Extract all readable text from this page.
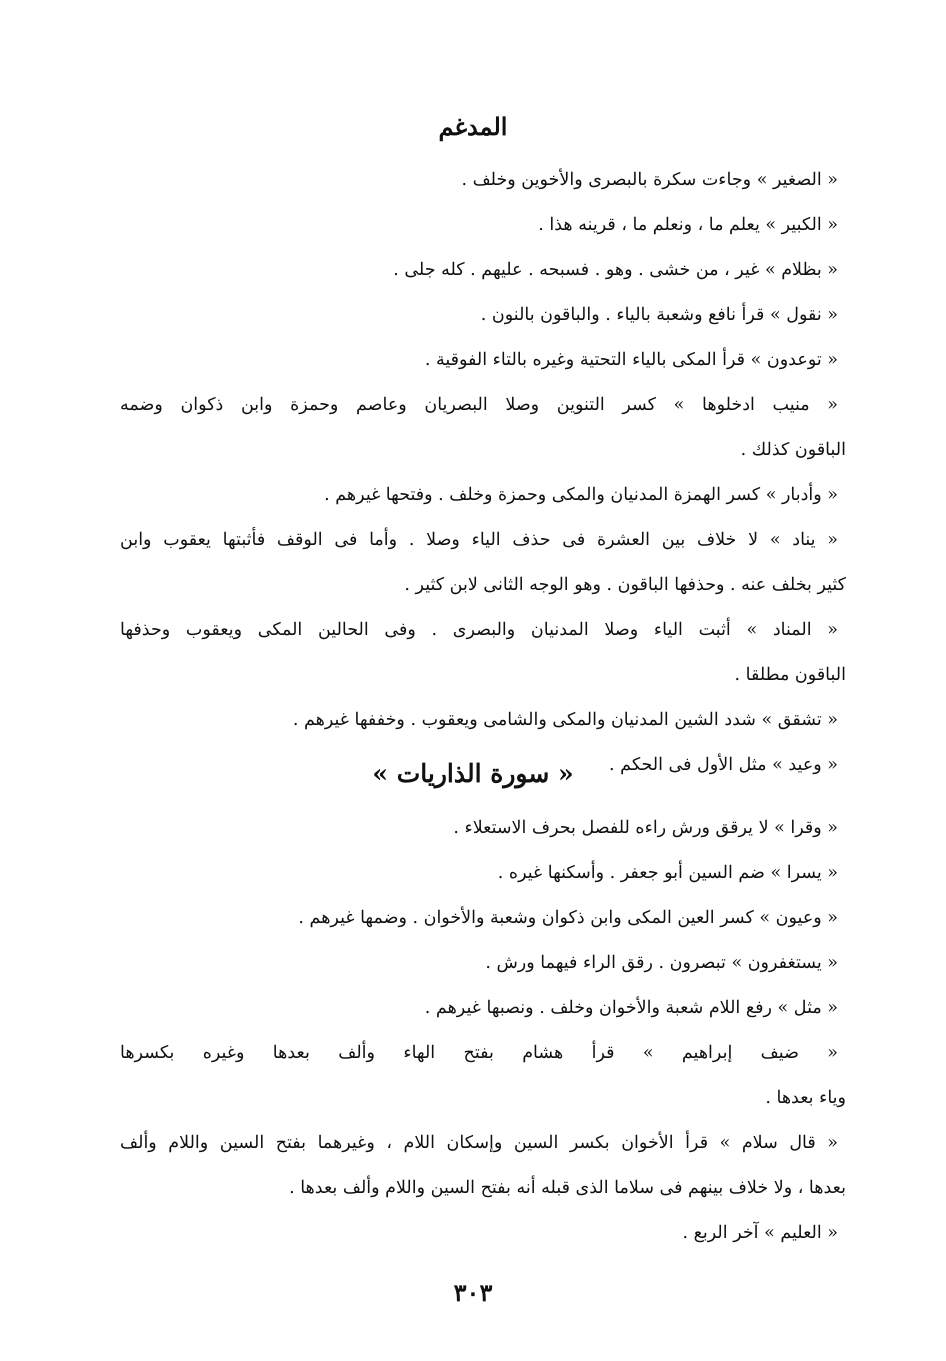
المدغم
« الصغير » وجاءت سكرة بالبصرى والأخوين وخلف .
« الكبير » يعلم ما ، ونعلم ما ، قرينه هذا .
« بظلام » غير ، من خشى . وهو . فسبحه . عليهم . كله جلى .
« نقول » قرأ نافع وشعبة بالياء . والباقون بالنون .
« توعدون » قرأ المكى بالياء التحتية وغيره بالتاء الفوقية .
« منيب ادخلوها » كسر التنوين وصلا البصريان وعاصم وحمزة وابن ذكوان وضمه
الباقون كذلك .
« وأدبار » كسر الهمزة المدنيان والمكى وحمزة وخلف . وفتحها غيرهم .
« يناد » لا خلاف بين العشرة فى حذف الياء وصلا . وأما فى الوقف فأثبتها يعقوب وابن
كثير بخلف عنه . وحذفها الباقون . وهو الوجه الثانى لابن كثير .
« المناد » أثبت الياء وصلا المدنيان والبصرى . وفى الحالين المكى ويعقوب وحذفها
الباقون مطلقا .
« تشقق » شدد الشين المدنيان والمكى والشامى ويعقوب . وخففها غيرهم .
« وعيد » مثل الأول فى الحكم .
« سورة الذاريات »
« وقرا » لا يرقق ورش راءه للفصل بحرف الاستعلاء .
« يسرا » ضم السين أبو جعفر . وأسكنها غيره .
« وعيون » كسر العين المكى وابن ذكوان وشعبة والأخوان . وضمها غيرهم .
« يستغفرون » تبصرون . رقق الراء فيهما ورش .
« مثل » رفع اللام شعبة والأخوان وخلف . ونصبها غيرهم .
« ضيف إبراهيم » قرأ هشام بفتح الهاء وألف بعدها وغيره بكسرها
وياء بعدها .
« قال سلام » قرأ الأخوان بكسر السين وإسكان اللام ، وغيرهما بفتح السين واللام وألف
بعدها ، ولا خلاف بينهم فى سلاما الذى قبله أنه بفتح السين واللام وألف بعدها .
« العليم » آخر الربع .
٣٠٣
